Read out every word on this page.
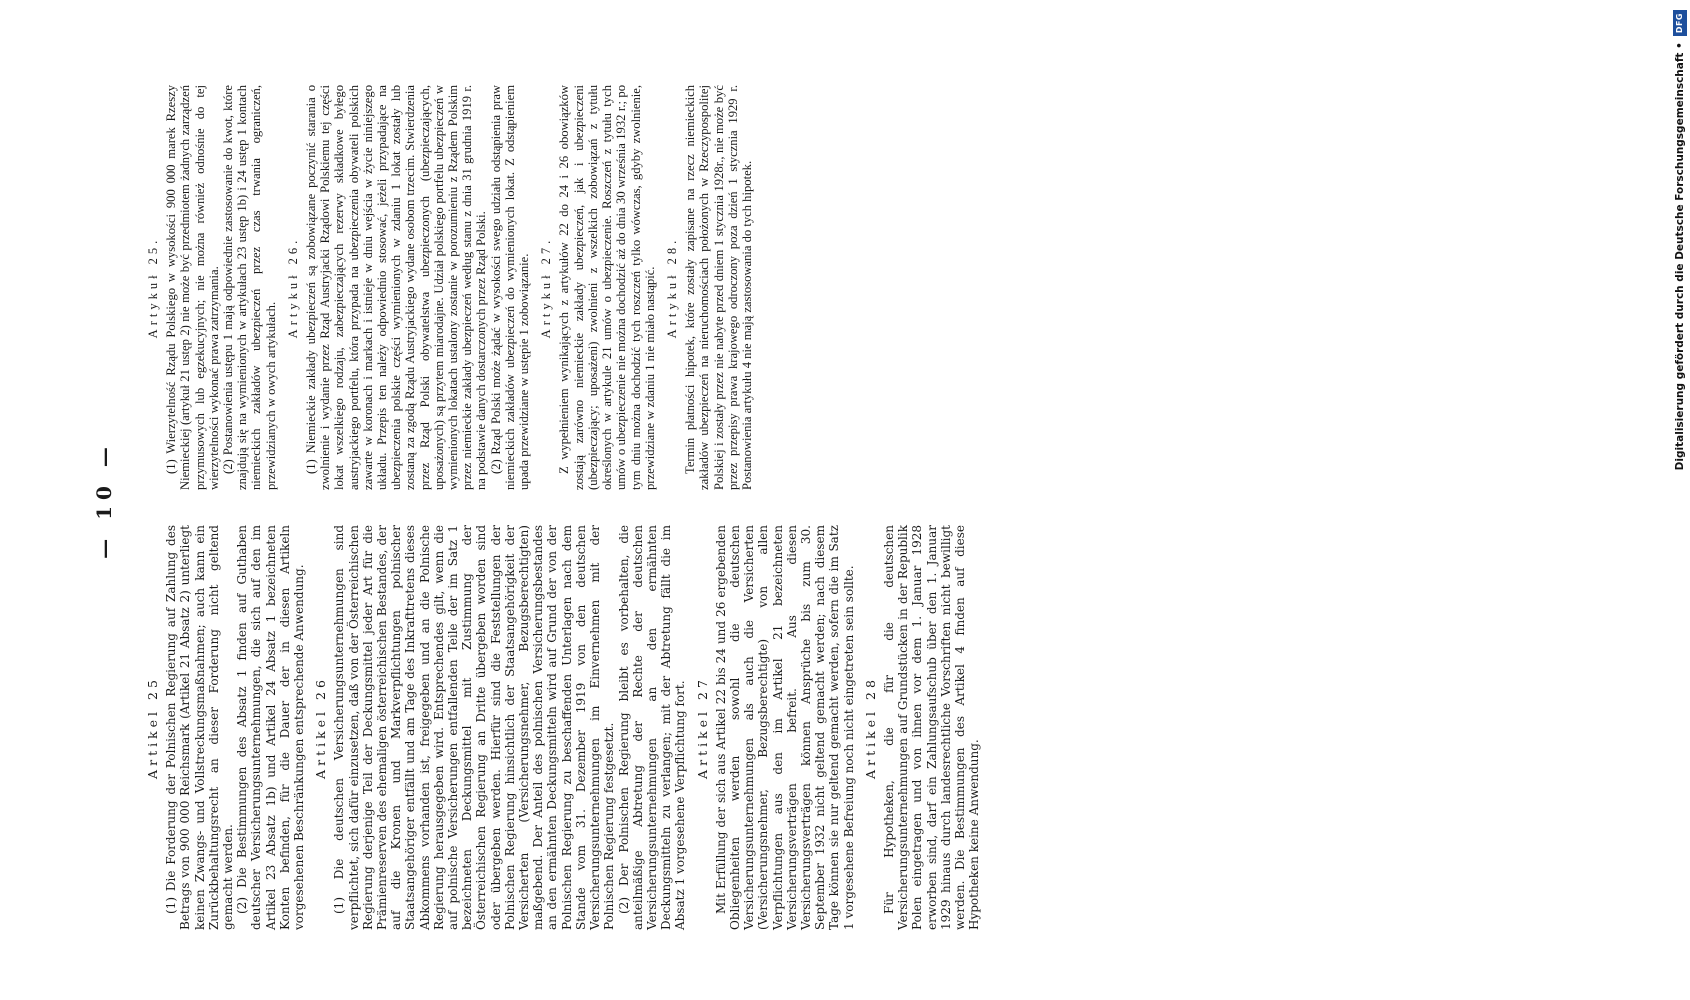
Digitalisierung gefördert durch die Deutsche Forschungsgemeinschaft •
DFG
— 10 —
Artikel 25 (1) Die Forderung der Polnischen Regierung auf Zahlung des Betrags von 900 000 Reichsmark (Artikel 21 Absatz 2) unterliegt keinen Zwangs- und Vollstreckungsmaßnahmen; auch kann ein Zurückbehaltungsrecht an dieser Forderung nicht geltend gemacht werden. (2) Die Bestimmungen des Absatz 1 finden auf Guthaben deutscher Versicherungsunternehmungen, die sich auf den im Artikel 23 Absatz 1b) und Artikel 24 Absatz 1 bezeichneten Konten befinden, für die Dauer der in diesen Artikeln vorgesehenen Beschränkungen entsprechende Anwendung. Artikel 26 (1) Die deutschen Versicherungsunternehmungen sind verpflichtet, sich dafür einzusetzen, daß von der Österreichischen Regierung derjenige Teil der Deckungsmittel jeder Art für die Prämienreserven des ehemaligen österreichischen Bestandes, der auf die Kronen und Markverpflichtungen polnischer Staatsangehöriger entfällt und am Tage des Inkrafttretens dieses Abkommens vorhanden ist, freigegeben und an die Polnische Regierung herausgegeben wird. Entsprechendes gilt, wenn die auf polnische Versicherungen entfallenden Teile der im Satz 1 bezeichneten Deckungsmittel mit Zustimmung der Österreichischen Regierung an Dritte übergeben worden sind oder übergeben werden. Hierfür sind die Feststellungen der Polnischen Regierung hinsichtlich der Staatsangehörigkeit der Versicherten (Versicherungsnehmer, Bezugsberechtigten) maßgebend. Der Anteil des polnischen Versicherungsbestandes an den ermähnten Deckungsmitteln wird auf Grund der von der Polnischen Regierung zu beschaffenden Unterlagen nach dem Stande vom 31. Dezember 1919 von den deutschen Versicherungsunternehmungen im Einvernehmen mit der Polnischen Regierung festgesetzt. (2) Der Polnischen Regierung bleibt es vorbehalten, die anteilmäßige Abtretung der Rechte der deutschen Versicherungsunternehmungen an den ermähnten Deckungsmitteln zu verlangen; mit der Abtretung fällt die im Absatz 1 vorgesehene Verpflichtung fort. Artikel 27 Mit Erfüllung der sich aus Artikel 22 bis 24 und 26 ergebenden Obliegenheiten werden sowohl die deutschen Versicherungsunternehmungen als auch die Versicherten (Versicherungsnehmer, Bezugsberechtigte) von allen Verpflichtungen aus den im Artikel 21 bezeichneten Versicherungsverträgen befreit. Aus diesen Versicherungsverträgen können Ansprüche bis zum 30. September 1932 nicht geltend gemacht werden; nach diesem Tage können sie nur geltend gemacht werden, sofern die im Satz 1 vorgesehene Befreiung noch nicht eingetreten sein sollte. Artikel 28 Für Hypotheken, die für die deutschen Versicherungsunternehmungen auf Grundstücken in der Republik Polen eingetragen und von ihnen vor dem 1. Januar 1928 erworben sind, darf ein Zahlungsaufschub über den 1. Januar 1929 hinaus durch landesrechtliche Vorschriften nicht bewilligt werden. Die Bestimmungen des Artikel 4 finden auf diese Hypotheken keine Anwendung.

Artykuł 25. (1) Wierzytelność Rządu Polskiego w wysokości 900 000 marek Rzeszy Niemieckiej (artykuł 21 ustęp 2) nie może być przedmiotem żadnych zarządzeń przymusowych lub egzekucyjnych; nie można również odnośnie do tej wierzytelności wykonać prawa zatrzymania. (2) Postanowienia ustępu 1 mają odpowiednie zastosowanie do kwot, które znajdują się na wymienionych w artykułach 23 ustęp 1b) i 24 ustęp 1 kontach niemieckich zakładów ubezpieczeń przez czas trwania ograniczeń, przewidzianych w owych artykułach.

Artykuł 26. (1) Niemieckie zakłady ubezpieczeń są zobowiązane poczynić starania o zwolnienie i wydanie przez Rząd Austryjacki Rządowi Polskiemu tej części lokat wszelkiego rodzaju, zabezpieczających rezerwy składkowe byłego austryjackiego portfelu, która przypada na ubezpieczenia obywateli polskich zawarte w koronach i markach i istnieje w dniu wejścia w życie niniejszego układu. Przepis ten należy odpowiednio stosować, jeżeli przypadające na ubezpieczenia polskie części wymienionych w zdaniu 1 lokat zostały lub zostaną za zgodą Rządu Austryjackiego wydane osobom trzecim. Stwierdzenia przez Rząd Polski obywatelstwa ubezpieczonych (ubezpieczających, uposażonych) są przytem miarodajne. Udział polskiego portfelu ubezpieczeń w wymienionych lokatach ustalony zostanie w porozumieniu z Rządem Polskim przez niemieckie zakłady ubezpieczeń według stanu z dnia 31 grudnia 1919 r. na podstawie danych dostarczonych przez Rząd Polski. (2) Rząd Polski może żądać w wysokości swego udziału odstąpienia praw niemieckich zakładów ubezpieczeń do wymienionych lokat. Z odstąpieniem upada przewidziane w ustępie 1 zobowiązanie. Artykuł 27. Z wypełnieniem wynikających z artykułów 22 do 24 i 26 obowiązków zostają zarówno niemieckie zakłady ubezpieczeń, jak i ubezpieczeni (ubezpieczający; uposażeni) zwolnieni z wszelkich zobowiązań z tytułu określonych w artykule 21 umów o ubezpieczenie. Roszczeń z tytułu tych umów o ubezpieczenie nie można dochodzić aż do dnia 30 września 1932 r.; po tym dniu można dochodzić tych roszczeń tylko wówczas, gdyby zwolnienie, przewidziane w zdaniu 1 nie miało nastąpić. Artykuł 28. Termin płatności hipotek, które zostały zapisane na rzecz niemieckich zakładów ubezpieczeń na nieruchomościach położonych w Rzeczypospolitej Polskiej i zostały przez nie nabyte przed dniem 1 stycznia 1928r., nie może być przez przepisy prawa krajowego odroczony poza dzień 1 stycznia 1929 r. Postanowienia artykułu 4 nie mają zastosowania do tych hipotek.
